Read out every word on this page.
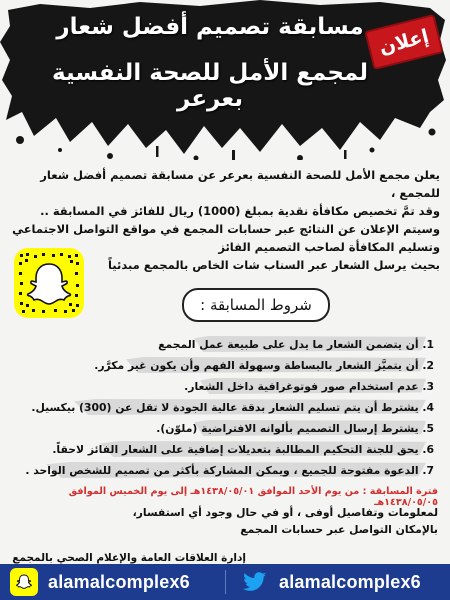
مسابقة تصميم أفضل شعار
لمجمع الأمل للصحة النفسية بعرعر
إعلان
يعلن مجمع الأمل للصحة النفسية بعرعر عن مسابقة تصميم أفضل شعار للمجمع ،
وقد تمَّ تخصيص مكافأة نقدية بمبلغ (1000) ريال للفائز في المسابقة ..
وسيتم الإعلان عن النتائج عبر حسابات المجمع في مواقع التواصل الاجتماعي
وتسليم المكافأة لصاحب التصميم الفائز
بحيث يرسل الشعار عبر السناب شات الخاص بالمجمع مبدئياً
شروط المسابقة :
1. أن يتضمن الشعار ما يدل على طبيعة عمل المجمع
2. أن يتميَّز الشعار بالبساطة وسهولة الفهم وأن يكون غير مكرَّر.
3. عدم استخدام صور فوتوغرافية داخل الشعار.
4. يشترط أن يتم تسليم الشعار بدقة عالية الجودة لا تقل عن (300) بيكسيل.
5. يشترط إرسال التصميم بألوانه الافتراضية (ملوّن).
6. يحق للجنة التحكيم المطالبة بتعديلات إضافية على الشعار الفائز لاحقاً.
7. الدعوة مفتوحة للجميع ، ويمكن المشاركة بأكثر من تصميم للشخص الواحد .
فترة المسابقة : من يوم الأحد الموافق ١٤٣٨/٠٥/٠١هـ إلى يوم الخميس الموافق ١٤٣٨/٠٥/٠٥هـ
لمعلومات وتفاصيل أوفى ، أو في حال وجود أي استفسار،
بالإمكان التواصل عبر حسابات المجمع
إدارة العلاقات العامة والإعلام الصحي بالمجمع
alamalcomplex6	alamalcomplex6
